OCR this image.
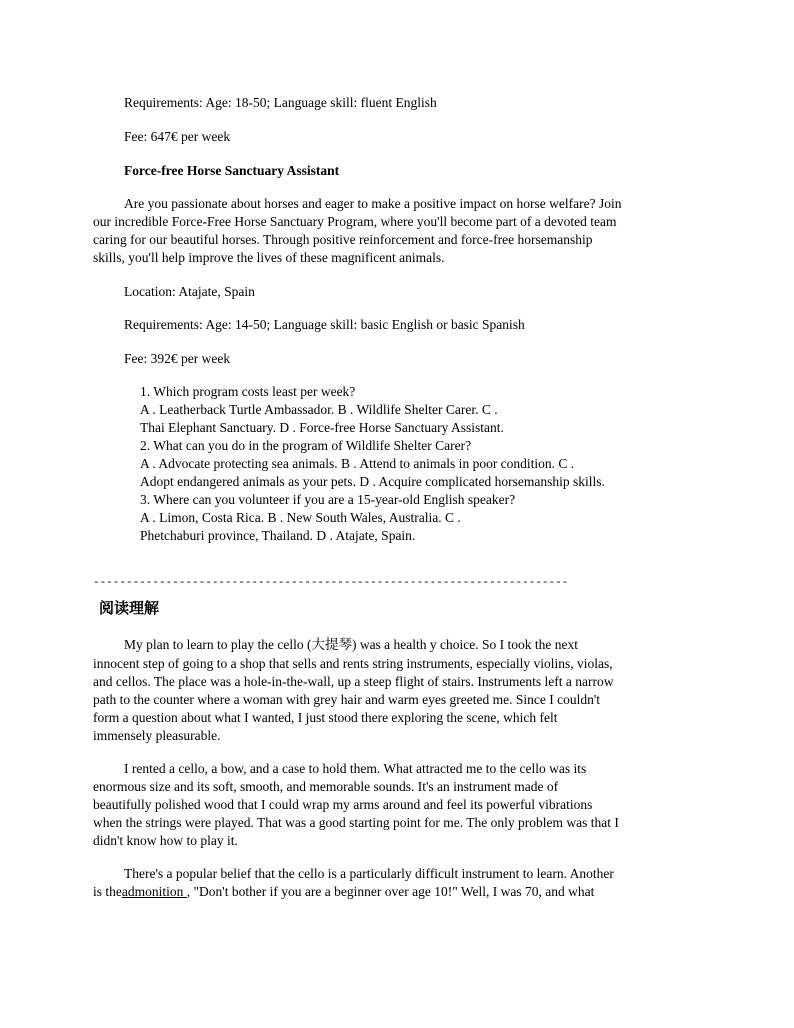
Requirements: Age: 18-50; Language skill: fluent English
Fee: 647€ per week
Force-free Horse Sanctuary Assistant
Are you passionate about horses and eager to make a positive impact on horse welfare? Join
our incredible Force-Free Horse Sanctuary Program, where you'll become part of a devoted team
caring for our beautiful horses. Through positive reinforcement and force-free horsemanship
skills, you'll help improve the lives of these magnificent animals.
Location: Atajate, Spain
Requirements: Age: 14-50; Language skill: basic English or basic Spanish
Fee: 392€ per week
1. Which program costs least per week?
A . Leatherback Turtle Ambassador. B . Wildlife Shelter Carer. C .
Thai Elephant Sanctuary. D . Force-free Horse Sanctuary Assistant.
2. What can you do in the program of Wildlife Shelter Carer?
A . Advocate protecting sea animals. B . Attend to animals in poor condition. C .
Adopt endangered animals as your pets. D . Acquire complicated horsemanship skills.
3. Where can you volunteer if you are a 15-year-old English speaker?
A . Limon, Costa Rica. B . New South Wales, Australia. C .
Phetchaburi province, Thailand. D . Atajate, Spain.
------------------------------------------------------------------------
阅读理解
My plan to learn to play the cello (大提琴) was a health y choice. So I took the next
innocent step of going to a shop that sells and rents string instruments, especially violins, violas,
and cellos. The place was a hole-in-the-wall, up a steep flight of stairs. Instruments left a narrow
path to the counter where a woman with grey hair and warm eyes greeted me. Since I couldn't
form a question about what I wanted, I just stood there exploring the scene, which felt
immensely pleasurable.
I rented a cello, a bow, and a case to hold them. What attracted me to the cello was its
enormous size and its soft, smooth, and memorable sounds. It's an instrument made of
beautifully polished wood that I could wrap my arms around and feel its powerful vibrations
when the strings were played. That was a good starting point for me. The only problem was that I
didn't know how to play it.
There's a popular belief that the cello is a particularly difficult instrument to learn. Another
is theadmonition , "Don't bother if you are a beginner over age 10!" Well, I was 70, and what
